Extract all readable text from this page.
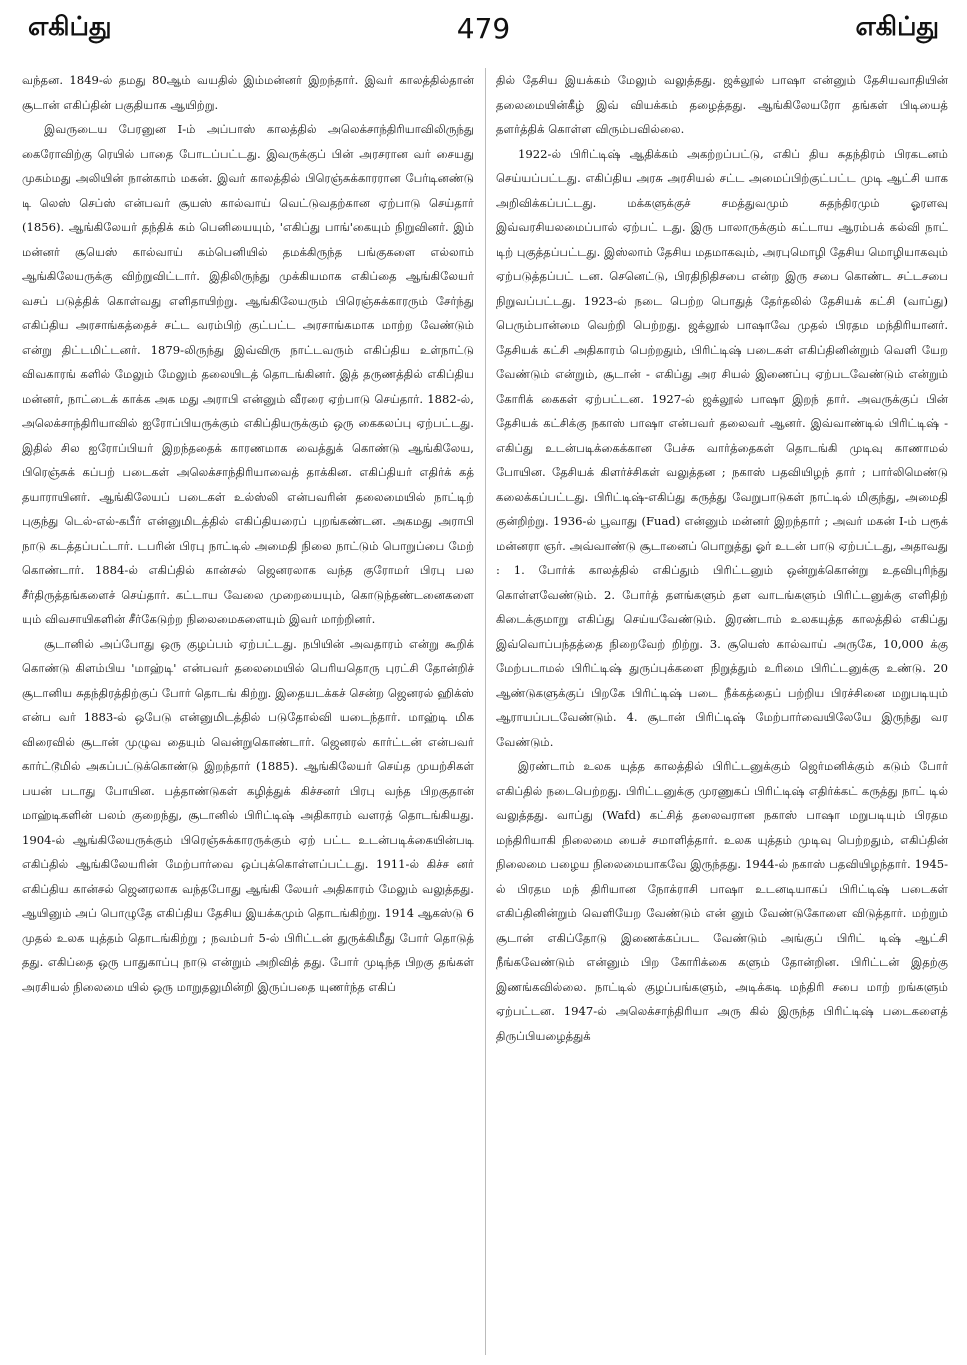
எகிப்து	479	எகிப்து

வந்தன. 1849-ல் தமது 80ஆம் வயதில் இம்மன்னர் இறந்தார். இவர் காலத்தில்தான் சூடான் எகிப்தின் பகுதியாக ஆயிற்று.

இவருடைய பேரனுன I-ம் அப்பாஸ் காலத்தில் அலெக்சாந்திரியாவிலிருந்து கைரோவிற்கு ரெயில் பாதை போடப்பட்டது. இவருக்குப் பின் அரசரான வர் சையது முகம்மது அலியின் நான்காம் மகன். இவர் காலத்தில் பிரெஞ்சுக்காரரான பேர்டினண்டு டி லெஸ் செப்ஸ் என்பவர் சூயஸ் கால்வாய் வெட்டுவதற்கான ஏற்பாடு செய்தார் (1856). ஆங்கிலேயர் தந்திக் கம் பெனியையும், 'எகிப்து பாங்'கையும் நிறுவினர். இம் மன்னர் சூயெஸ் கால்வாய் கம்பெனியில் தமக்கிருந்த பங்குகளை எல்லாம் ஆங்கிலேயருக்கு விற்றுவிட்டார். இதிலிருந்து முக்கியமாக எகிப்தை ஆங்கிலேயர் வசப் படுத்திக் கொள்வது எளிதாயிற்று. ஆங்கிலேயரும் பிரெஞ்சுக்காரரும் சேர்ந்து எகிப்திய அரசாங்கத்தைச் சட்ட வரம்பிற் குட்பட்ட அரசாங்கமாக மாற்ற வேண்டும் என்று திட்டமிட்டனர். 1879-லிருந்து இவ்விரு நாட்டவரும் எகிப்திய உள்நாட்டு விவகாரங் களில் மேலும் மேலும் தலையிடத் தொடங்கினர். இத் தருணத்தில் எகிப்திய மன்னர், நாட்டைக் காக்க அக மது அராபி என்னும் வீரரை ஏற்பாடு செய்தார். 1882-ல், அலெக்சாந்திரியாவில் ஐரோப்பியருக்கும் எகிப்தியருக்கும் ஒரு கைகலப்பு ஏற்பட்டது. இதில் சில ஐரோப்பியர் இறந்ததைக் காரணமாக வைத்துக் கொண்டு ஆங்கிலேய, பிரெஞ்சுக் கப்பற் படைகள் அலெக்சாந்திரியாவைத் தாக்கின. எகிப்தியர் எதிர்க் கத் தயாராயினர். ஆங்கிலேயப் படைகள் உல்ஸ்லி என்பவரின் தலைமையில் நாட்டிற் புகுந்து டெல்-எல்-கபீர் என்னுமிடத்தில் எகிப்தியரைப் புறங்கண்டன. அகமது அராபி நாடு கடத்தப்பட்டார். டபரின் பிரபு நாட்டில் அமைதி நிலை நாட்டும் பொறுப்பை மேற் கொண்டார். 1884-ல் எகிப்தில் கான்சல் ஜெனரலாக வந்த குரோமர் பிரபு பல சீர்திருத்தங்களைச் செய்தார். கட்டாய வேலை முறையையும், கொடுந்தண்டனைகளை யும் விவசாயிகளின் சீர்கேடுற்ற நிலைமைகளையும் இவர் மாற்றினர்.

சூடானில் அப்போது ஒரு குழப்பம் ஏற்பட்டது. நபியின் அவதாரம் என்று கூறிக் கொண்டு கிளம்பிய 'மாஹ்டி' என்பவர் தலைமையில் பெரியதொரு புரட்சி தோன்றிச் சூடானிய சுதந்திரத்திற்குப் போர் தொடங் கிற்று. இதையடக்கச் சென்ற ஜெனரல் ஹிக்ஸ் என்ப வர் 1883-ல் ஒபேடு என்னுமிடத்தில் படுதோல்வி யடைந்தார். மாஹ்டி மிக விரைவில் சூடான் முழுவ தையும் வென்றுகொண்டார். ஜெனரல் கார்ட்டன் என்பவர் கார்ட்டூமில் அகப்பட்டுக்கொண்டு இறந்தார் (1885). ஆங்கிலேயர் செய்த முயற்சிகள் பயன் படாது போயின. பத்தாண்டுகள் கழித்துக் கிச்சனர் பிரபு வந்த பிறகுதான் மாஹ்டிகளின் பலம் குறைந்து, சூடானில் பிரிட்டிஷ் அதிகாரம் வளரத் தொடங்கியது. 1904-ல் ஆங்கிலேயருக்கும் பிரெஞ்சுக்காரருக்கும் ஏற் பட்ட உடன்படிக்கையின்படி எகிப்தில் ஆங்கிலேயரின் மேற்பார்வை ஒப்புக்கொள்ளப்பட்டது. 1911-ல் கிச்ச னர் எகிப்திய கான்சல் ஜெனரலாக வந்தபோது ஆங்கி லேயர் அதிகாரம் மேலும் வலுத்தது. ஆயினும் அப் பொழுதே எகிப்திய தேசிய இயக்கமும் தொடங்கிற்று. 1914 ஆகஸ்டு 6 முதல் உலக யுத்தம் தொடங்கிற்று ; நவம்பர் 5-ல் பிரிட்டன் துருக்கிமீது போர் தொடுத் தது. எகிப்தை ஒரு பாதுகாப்பு நாடு என்றும் அறிவித் தது. போர் முடிந்த பிறகு தங்கள் அரசியல் நிலைமை யில் ஒரு மாறுதலுமின்றி இருப்பதை யுணர்ந்த எகிப்

தில் தேசிய இயக்கம் மேலும் வலுத்தது. ஜக்லூல் பாஷா என்னும் தேசியவாதியின் தலைமையின்கீழ் இவ் வியக்கம் தழைத்தது. ஆங்கிலேயரோ தங்கள் பிடியைத் தளர்த்திக் கொள்ள விரும்பவில்லை.

1922-ல் பிரிட்டிஷ் ஆதிக்கம் அகற்றப்பட்டு, எகிப் திய சுதந்திரம் பிரகடனம் செய்யப்பட்டது. எகிப்திய அரசு அரசியல் சட்ட அமைப்பிற்குட்பட்ட முடி ஆட்சி யாக அறிவிக்கப்பட்டது. மக்களுக்குச் சமத்துவமும் சுதந்திரமும் ஓரளவு இவ்வரசியலமைப்பால் ஏற்பட் டது. இரு பாலாருக்கும் கட்டாய ஆரம்பக் கல்வி நாட் டிற் புகுத்தப்பட்டது. இஸ்லாம் தேசிய மதமாகவும், அரபுமொழி தேசிய மொழியாகவும் ஏற்படுத்தப்பட் டன. செனெட்டு, பிரதிநிதிசபை என்ற இரு சபை கொண்ட சட்டசபை நிறுவப்பட்டது. 1923-ல் நடை பெற்ற பொதுத் தேர்தலில் தேசியக் கட்சி (வாப்து) பெரும்பான்மை வெற்றி பெற்றது. ஜக்லூல் பாஷாவே முதல் பிரதம மந்திரியானர். தேசியக் கட்சி அதிகாரம் பெற்றதும், பிரிட்டிஷ் படைகள் எகிப்தினின்றும் வெளி யேற வேண்டும் என்றும், சூடான் - எகிப்து அர சியல் இணைப்பு ஏற்படவேண்டும் என்றும் கோரிக் கைகள் ஏற்பட்டன. 1927-ல் ஜக்லூல் பாஷா இறந் தார். அவருக்குப் பின் தேசியக் கட்சிக்கு நகாஸ் பாஷா என்பவர் தலைவர் ஆனர். இவ்வாண்டில் பிரிட்டிஷ் - எகிப்து உடன்படிக்கைக்கான பேச்சு வார்த்தைகள் தொடங்கி முடிவு காணாமல் போயின. தேசியக் கிளர்ச்சிகள் வலுத்தன ; நகாஸ் பதவியிழந் தார் ; பார்லிமெண்டு கலைக்கப்பட்டது. பிரிட்டிஷ்-எகிப்து கருத்து வேறுபாடுகள் நாட்டில் மிகுந்து, அமைதி குன்றிற்று. 1936-ல் பூவாது (Fuad) என்னும் மன்னர் இறந்தார் ; அவர் மகன் I-ம் பரூக் மன்னரா ஞர். அவ்வாண்டு சூடானைப் பொறுத்து ஓர் உடன் பாடு ஏற்பட்டது, அதாவது : 1. போர்க் காலத்தில் எகிப்தும் பிரிட்டனும் ஒன்றுக்கொன்று உதவிபுரிந்து கொள்ளவேண்டும். 2. போர்த் தளங்களும் தள வாடங்களும் பிரிட்டனுக்கு எளிதிற் கிடைக்குமாறு எகிப்து செய்யவேண்டும். இரண்டாம் உலகயுத்த காலத்தில் எகிப்து இவ்வொப்பந்தத்தை நிறைவேற் றிற்று. 3. சூயெஸ் கால்வாய் அருகே, 10,000 க்கு மேற்படாமல் பிரிட்டிஷ் துருப்புக்களை நிறுத்தும் உரிமை பிரிட்டனுக்கு உண்டு. 20 ஆண்டுகளுக்குப் பிறகே பிரிட்டிஷ் படை நீக்கத்தைப் பற்றிய பிரச்சினை மறுபடியும் ஆராயப்படவேண்டும். 4. சூடான் பிரிட்டிஷ் மேற்பார்வையிலேயே இருந்து வர வேண்டும்.

இரண்டாம் உலக யுத்த காலத்தில் பிரிட்டனுக்கும் ஜெர்மனிக்கும் கடும் போர் எகிப்தில் நடைபெற்றது. பிரிட்டனுக்கு முரணுகப் பிரிட்டிஷ் எதிர்க்கட் கருத்து நாட் டில் வலுத்தது. வாப்து (Wafd) கட்சித் தலைவரான நகாஸ் பாஷா மறுபடியும் பிரதம மந்திரியாகி நிலைமை யைச் சமாளித்தார். உலக யுத்தம் முடிவு பெற்றதும், எகிப்தின் நிலைமை பழைய நிலைமையாகவே இருந்தது. 1944-ல் நகாஸ் பதவியிழந்தார். 1945-ல் பிரதம மந் திரியான நோக்ராசி பாஷா உடனடியாகப் பிரிட்டிஷ் படைகள் எகிப்தினின்றும் வெளியேற வேண்டும் என் னும் வேண்டுகோளை விடுத்தார். மற்றும் சூடான் எகிப்தோடு இணைக்கப்பட வேண்டும் அங்குப் பிரிட் டிஷ் ஆட்சி நீங்கவேண்டும் என்னும் பிற கோரிக்கை களும் தோன்றின. பிரிட்டன் இதற்கு இணங்கவில்லை. நாட்டில் குழப்பங்களும், அடிக்கடி மந்திரி சபை மாற் றங்களும் ஏற்பட்டன. 1947-ல் அலெக்சாந்திரியா அரு கில் இருந்த பிரிட்டிஷ் படைகளைத் திருப்பியழைத்துக்
